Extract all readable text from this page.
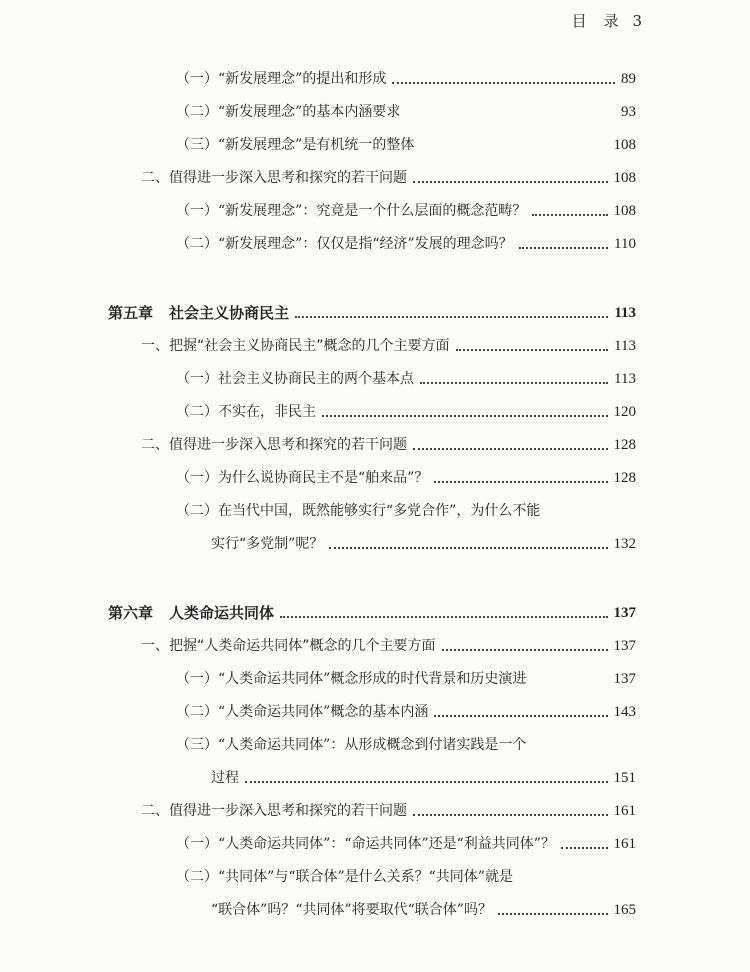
目 录 3
（一）“新发展理念”的提出和形成	89
（二）“新发展理念”的基本内涵要求	93
（三）“新发展理念”是有机统一的整体	108
二、值得进一步深入思考和探究的若干问题	108
（一）“新发展理念”：究竟是一个什么层面的概念范畴？	108
（二）“新发展理念”：仅仅是指“经济”发展的理念吗？	110
第五章 社会主义协商民主	113
一、把握“社会主义协商民主”概念的几个主要方面	113
（一）社会主义协商民主的两个基本点	113
（二）不实在，非民主	120
二、值得进一步深入思考和探究的若干问题	128
（一）为什么说协商民主不是“舶来品”？	128
（二）在当代中国，既然能够实行“多党合作”，为什么不能
实行“多党制”呢？	132
第六章 人类命运共同体	137
一、把握“人类命运共同体”概念的几个主要方面	137
（一）“人类命运共同体”概念形成的时代背景和历史演进	137
（二）“人类命运共同体”概念的基本内涵	143
（三）“人类命运共同体”：从形成概念到付诸实践是一个
过程	151
二、值得进一步深入思考和探究的若干问题	161
（一）“人类命运共同体”：“命运共同体”还是“利益共同体”？	161
（二）“共同体”与“联合体”是什么关系？“共同体”就是
“联合体”吗？“共同体”将要取代“联合体”吗？	165
